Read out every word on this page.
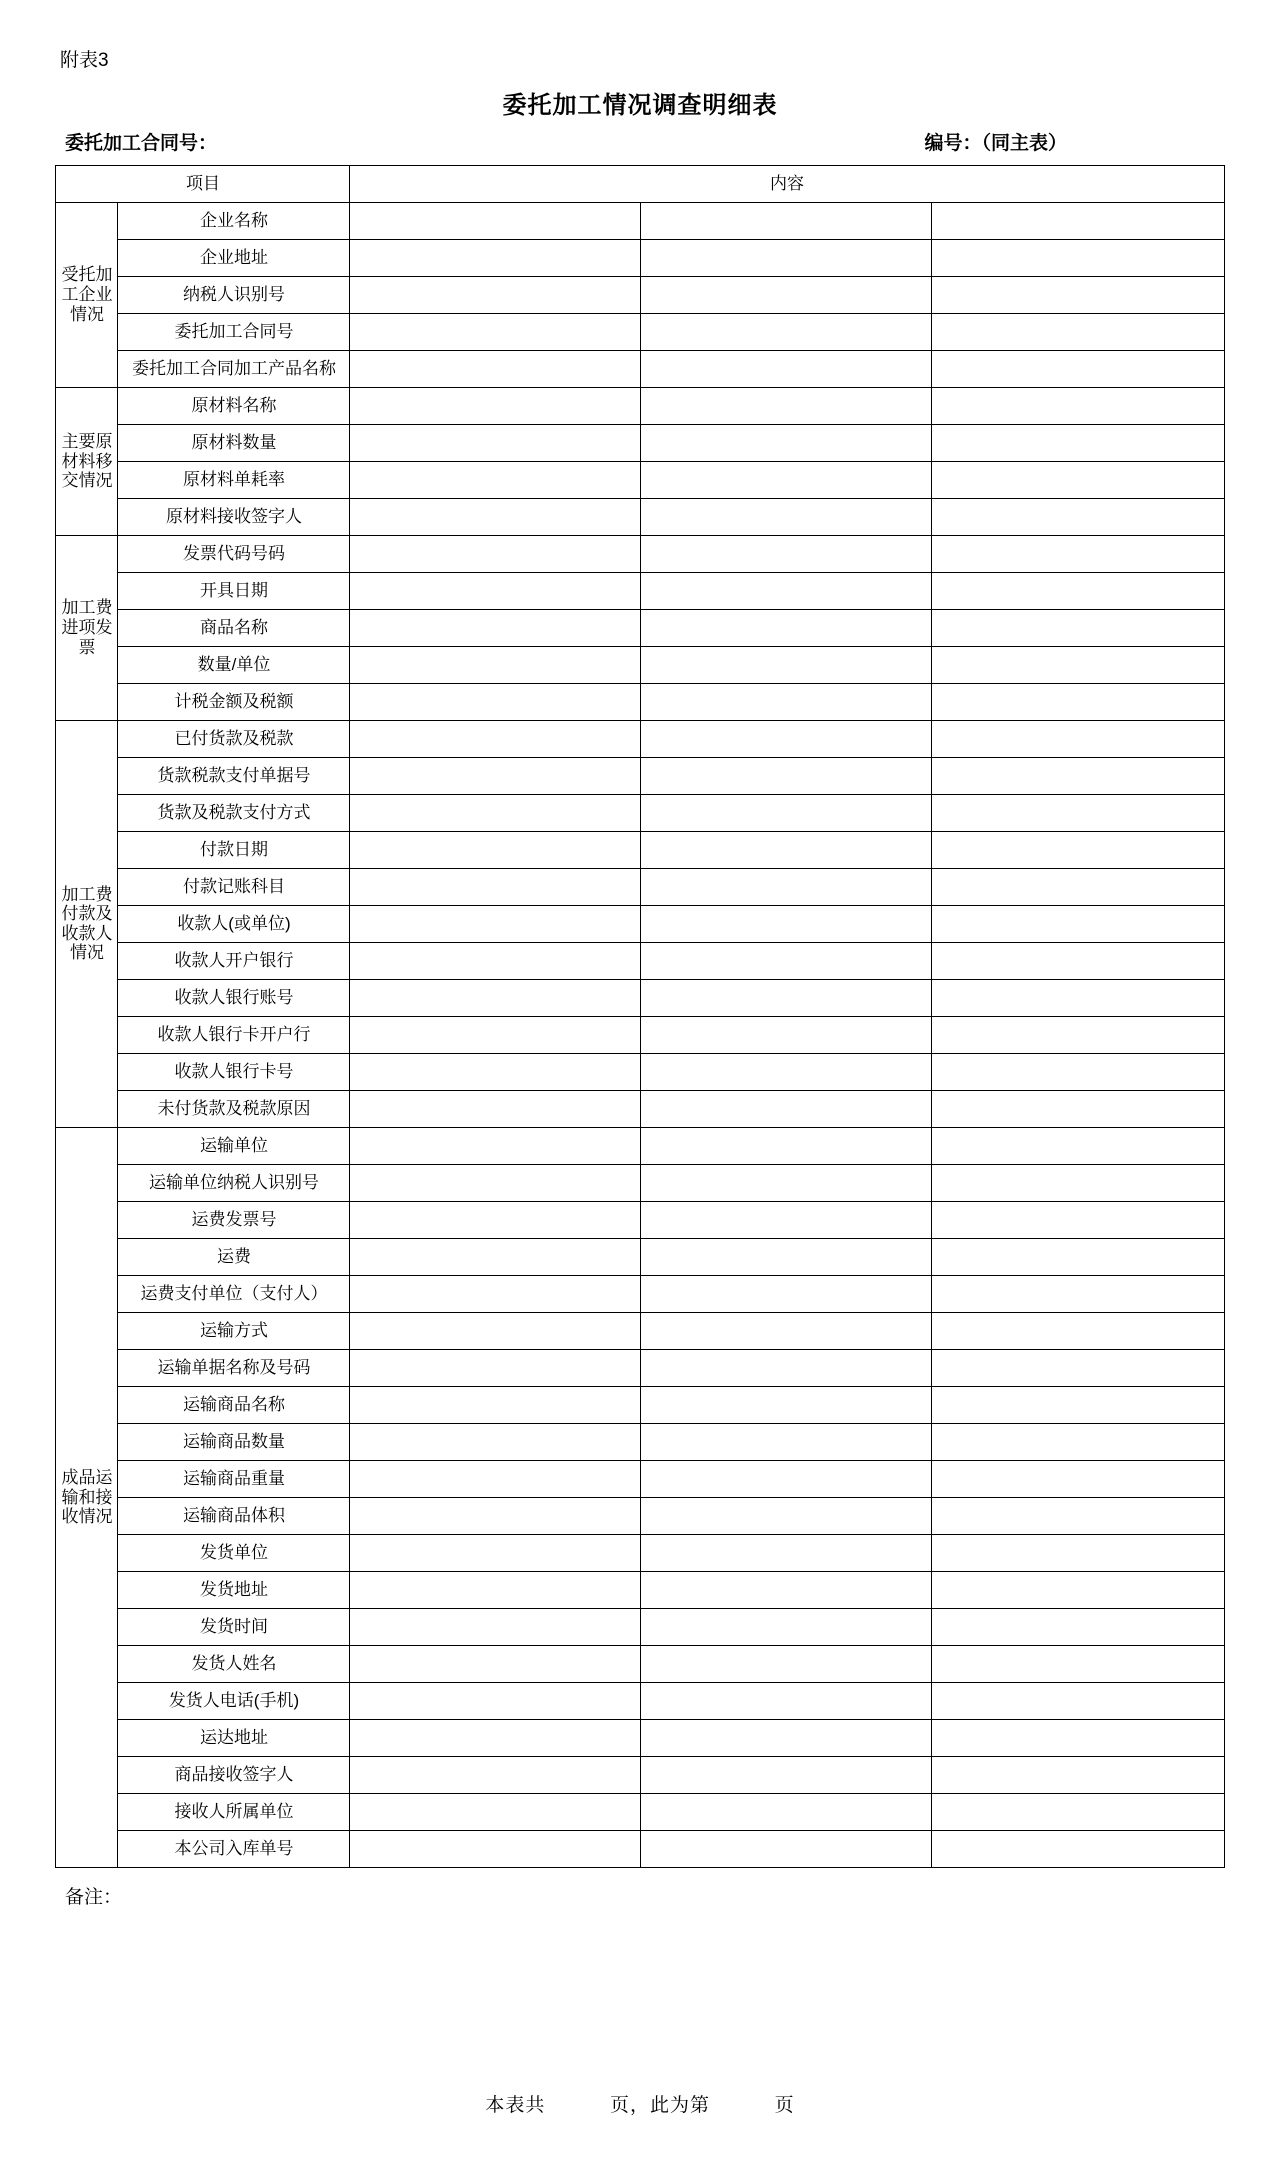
附表3
委托加工情况调查明细表
委托加工合同号：	编号：（同主表）
项目		内容		
受托加工企业情况	企业名称			
	企业地址			
	纳税人识别号			
	委托加工合同号			
	委托加工合同加工产品名称			
主要原材料移交情况	原材料名称			
	原材料数量			
	原材料单耗率			
	原材料接收签字人			
加工费进项发票	发票代码号码			
	开具日期			
	商品名称			
	数量/单位			
	计税金额及税额			
加工费付款及收款人情况	已付货款及税款			
	货款税款支付单据号			
	货款及税款支付方式			
	付款日期			
	付款记账科目			
	收款人(或单位)			
	收款人开户银行			
	收款人银行账号			
	收款人银行卡开户行			
	收款人银行卡号			
	未付货款及税款原因			
成品运输和接收情况	运输单位			
	运输单位纳税人识别号			
	运费发票号			
	运费			
	运费支付单位（支付人）			
	运输方式			
	运输单据名称及号码			
	运输商品名称			
	运输商品数量			
	运输商品重量			
	运输商品体积			
	发货单位			
	发货地址			
	发货时间			
	发货人姓名			
	发货人电话(手机)			
	运达地址			
	商品接收签字人			
	接收人所属单位			
	本公司入库单号			
备注：
本表共	页，此为第	页
